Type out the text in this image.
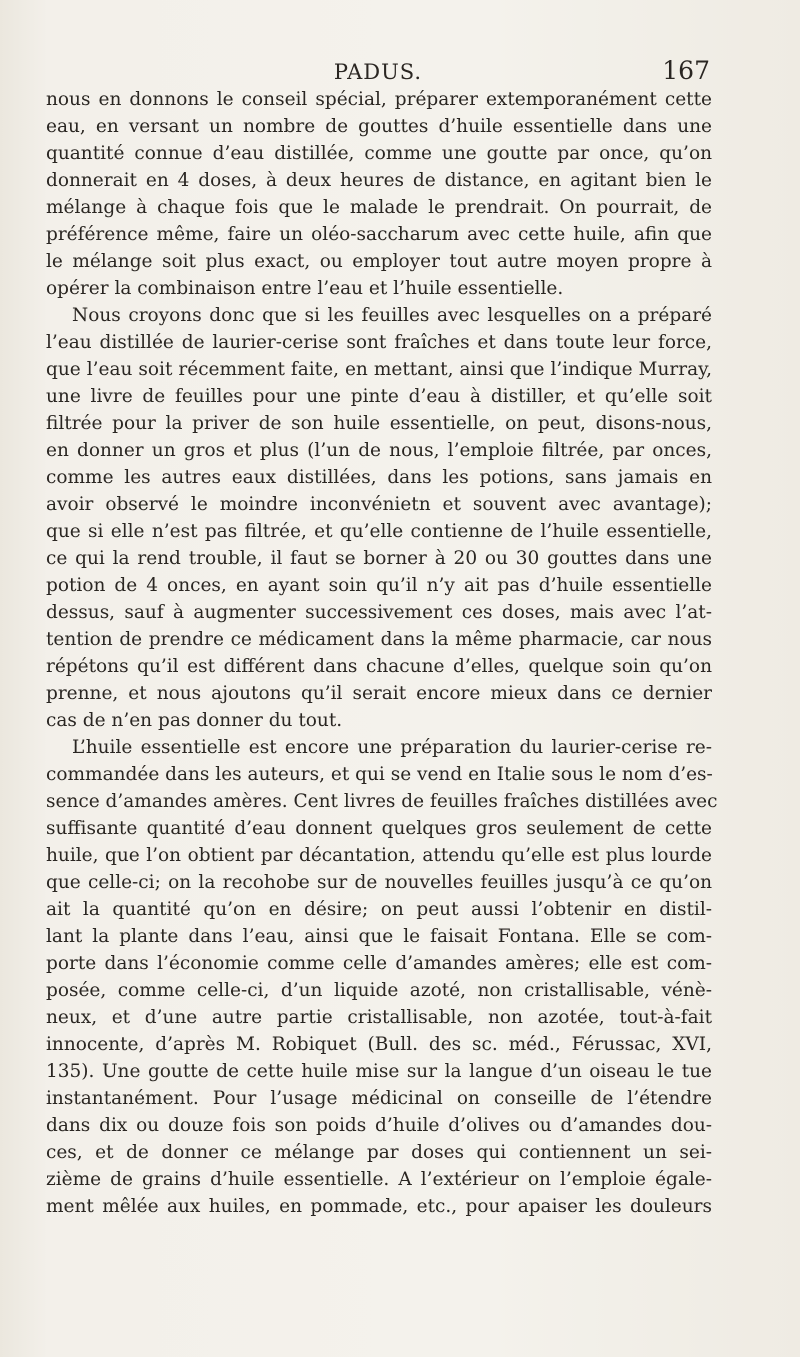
PADUS.	167
nous en donnons le conseil spécial, préparer extemporanément cette
eau, en versant un nombre de gouttes d’huile essentielle dans une
quantité connue d’eau distillée, comme une goutte par once, qu’on
donnerait en 4 doses, à deux heures de distance, en agitant bien le
mélange à chaque fois que le malade le prendrait. On pourrait, de
préférence même, faire un oléo-saccharum avec cette huile, afin que
le mélange soit plus exact, ou employer tout autre moyen propre à
opérer la combinaison entre l’eau et l’huile essentielle.
Nous croyons donc que si les feuilles avec lesquelles on a préparé
l’eau distillée de laurier-cerise sont fraîches et dans toute leur force,
que l’eau soit récemment faite, en mettant, ainsi que l’indique Murray,
une livre de feuilles pour une pinte d’eau à distiller, et qu’elle soit
filtrée pour la priver de son huile essentielle, on peut, disons-nous,
en donner un gros et plus (l’un de nous, l’emploie filtrée, par onces,
comme les autres eaux distillées, dans les potions, sans jamais en
avoir observé le moindre inconvénietn et souvent avec avantage);
que si elle n’est pas filtrée, et qu’elle contienne de l’huile essentielle,
ce qui la rend trouble, il faut se borner à 20 ou 30 gouttes dans une
potion de 4 onces, en ayant soin qu’il n’y ait pas d’huile essentielle
dessus, sauf à augmenter successivement ces doses, mais avec l’at-
tention de prendre ce médicament dans la même pharmacie, car nous
répétons qu’il est différent dans chacune d’elles, quelque soin qu’on
prenne, et nous ajoutons qu’il serait encore mieux dans ce dernier
cas de n’en pas donner du tout.
L’huile essentielle est encore une préparation du laurier-cerise re-
commandée dans les auteurs, et qui se vend en Italie sous le nom d’es-
sence d’amandes amères. Cent livres de feuilles fraîches distillées avec
suffisante quantité d’eau donnent quelques gros seulement de cette
huile, que l’on obtient par décantation, attendu qu’elle est plus lourde
que celle-ci; on la recohobe sur de nouvelles feuilles jusqu’à ce qu’on
ait la quantité qu’on en désire; on peut aussi l’obtenir en distil-
lant la plante dans l’eau, ainsi que le faisait Fontana. Elle se com-
porte dans l’économie comme celle d’amandes amères; elle est com-
posée, comme celle-ci, d’un liquide azoté, non cristallisable, vénè-
neux, et d’une autre partie cristallisable, non azotée, tout-à-fait
innocente, d’après M. Robiquet (Bull. des sc. méd., Férussac, XVI,
135). Une goutte de cette huile mise sur la langue d’un oiseau le tue
instantanément. Pour l’usage médicinal on conseille de l’étendre
dans dix ou douze fois son poids d’huile d’olives ou d’amandes dou-
ces, et de donner ce mélange par doses qui contiennent un sei-
zième de grains d’huile essentielle. A l’extérieur on l’emploie égale-
ment mêlée aux huiles, en pommade, etc., pour apaiser les douleurs
